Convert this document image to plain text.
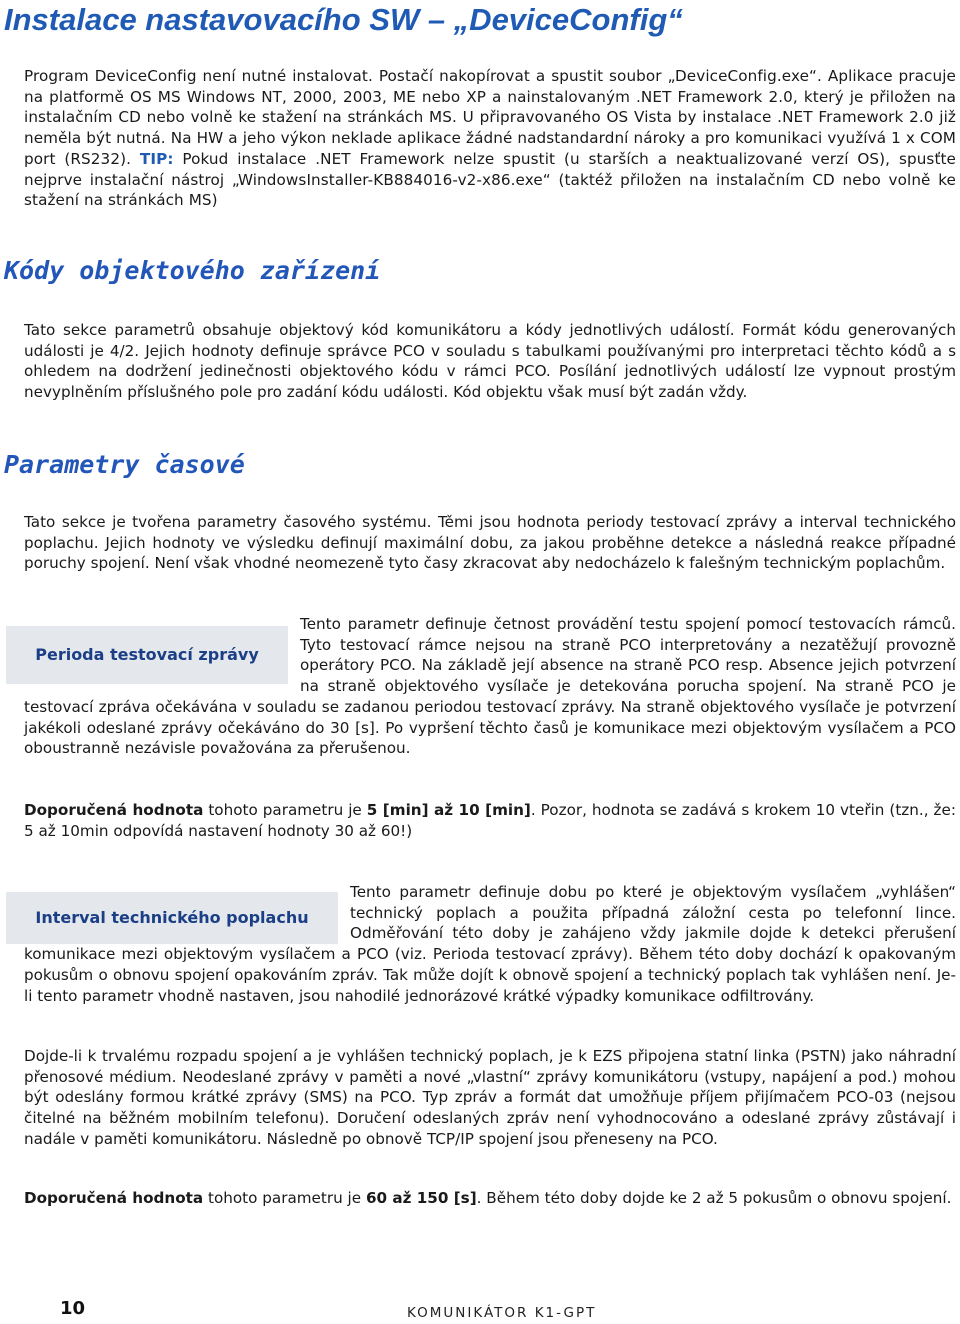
Instalace nastavovacího SW – „DeviceConfig“

Program DeviceConfig není nutné instalovat. Postačí nakopírovat a spustit soubor „DeviceConfig.exe“. Aplikace pracuje na platformě OS MS Windows NT, 2000, 2003, ME nebo XP a nainstalovaným .NET Framework 2.0, který je přiložen na instalačním CD nebo volně ke stažení na stránkách MS. U připravovaného OS Vista by instalace .NET Framework 2.0 již neměla být nutná. Na HW a jeho výkon neklade aplikace žádné nadstandardní nároky a pro komunikaci využívá 1 x COM port (RS232). TIP: Pokud instalace .NET Framework nelze spustit (u starších a neaktualizované verzí OS), spusťte nejprve instalační nástroj „WindowsInstaller-KB884016-v2-x86.exe“ (taktéž přiložen na instalačním CD nebo volně ke stažení na stránkách MS)

Kódy objektového zařízení

Tato sekce parametrů obsahuje objektový kód komunikátoru a kódy jednotlivých událostí. Formát kódu generovaných události je 4/2. Jejich hodnoty definuje správce PCO v souladu s tabulkami používanými pro interpretaci těchto kódů a s ohledem na dodržení jedinečnosti objektového kódu v rámci PCO. Posílání jednotlivých událostí lze vypnout prostým nevyplněním příslušného pole pro zadání kódu události. Kód objektu však musí být zadán vždy.

Parametry časové

Tato sekce je tvořena parametry časového systému. Těmi jsou hodnota periody testovací zprávy a interval technického poplachu. Jejich hodnoty ve výsledku definují maximální dobu, za jakou proběhne detekce a následná reakce případné poruchy spojení. Není však vhodné neomezeně tyto časy zkracovat aby nedocházelo k falešným technickým poplachům.

Perioda testovací zprávy
Tento parametr definuje četnost provádění testu spojení pomocí testovacích rámců. Tyto testovací rámce nejsou na straně PCO interpretovány a nezatěžují provozně operátory PCO. Na základě její absence na straně PCO resp. Absence jejich potvrzení na straně objektového vysílače je detekována porucha spojení. Na straně PCO je testovací zpráva očekávána v souladu se zadanou periodou testovací zprávy. Na straně objektového vysílače je potvrzení jakékoli odeslané zprávy očekáváno do 30 [s]. Po vypršení těchto časů je komunikace mezi objektovým vysílačem a PCO oboustranně nezávisle považována za přerušenou.

Doporučená hodnota tohoto parametru je 5 [min] až 10 [min]. Pozor, hodnota se zadává s krokem 10 vteřin (tzn., že: 5 až 10min odpovídá nastavení hodnoty 30 až 60!)

Interval technického poplachu
Tento parametr definuje dobu po které je objektovým vysílačem „vyhlášen“ technický poplach a použita případná záložní cesta po telefonní lince. Odměřování této doby je zahájeno vždy jakmile dojde k detekci přerušení komunikace mezi objektovým vysílačem a PCO (viz. Perioda testovací zprávy). Během této doby dochází k opakovaným pokusům o obnovu spojení opakováním zpráv. Tak může dojít k obnově spojení a technický poplach tak vyhlášen není. Je-li tento parametr vhodně nastaven, jsou nahodilé jednorázové krátké výpadky komunikace odfiltrovány.

Dojde-li k trvalému rozpadu spojení a je vyhlášen technický poplach, je k EZS připojena statní linka (PSTN) jako náhradní přenosové médium. Neodeslané zprávy v paměti a nové „vlastní“ zprávy komunikátoru (vstupy, napájení a pod.) mohou být odeslány formou krátké zprávy (SMS) na PCO. Typ zpráv a formát dat umožňuje příjem přijímačem PCO-03 (nejsou čitelné na běžném mobilním telefonu). Doručení odeslaných zpráv není vyhodnocováno a odeslané zprávy zůstávají i nadále v paměti komunikátoru. Následně po obnově TCP/IP spojení jsou přeneseny na PCO.

Doporučená hodnota tohoto parametru je 60 až 150 [s]. Během této doby dojde ke 2 až 5 pokusům o obnovu spojení.

10	KOMUNIKÁTOR K1-GPT
